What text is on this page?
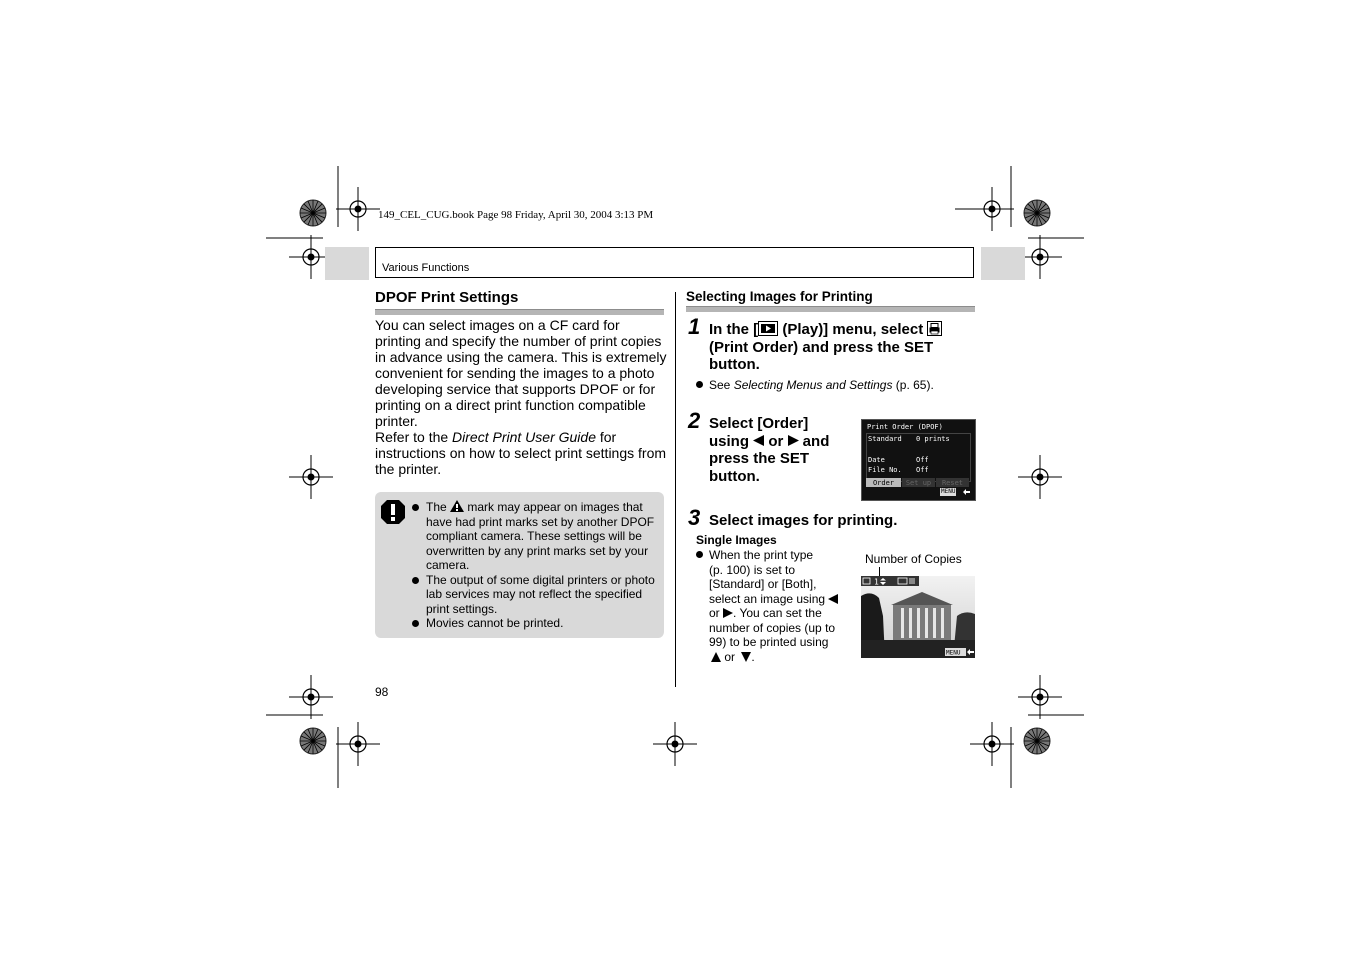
149_CEL_CUG.book Page 98 Friday, April 30, 2004 3:13 PM
Various Functions
DPOF Print Settings
You can select images on a CF card for printing and specify the number of print copies in advance using the camera. This is extremely convenient for sending the images to a photo developing service that supports DPOF or for printing on a direct print function compatible printer.
Refer to the Direct Print User Guide for instructions on how to select print settings from the printer.
The  mark may appear on images that have had print marks set by another DPOF compliant camera. These settings will be overwritten by any print marks set by your camera.
The output of some digital printers or photo lab services may not reflect the specified print settings.
Movies cannot be printed.
98
Selecting Images for Printing
1 In the [ (Play)] menu, select
(Print Order) and press the SET
button.
See Selecting Menus and Settings (p. 65).
2 Select [Order]
using  or  and
press the SET
button.
Print Order (DPOF)
Standard 0 prints
Date	Off
File No. Off
Order	Set up	Reset
MENU
3 Select images for printing.
Single Images
When the print type
(p. 100) is set to
[Standard] or [Both],
select an image using
or . You can set the
number of copies (up to
99) to be printed using
or .
Number of Copies
1
MENU
